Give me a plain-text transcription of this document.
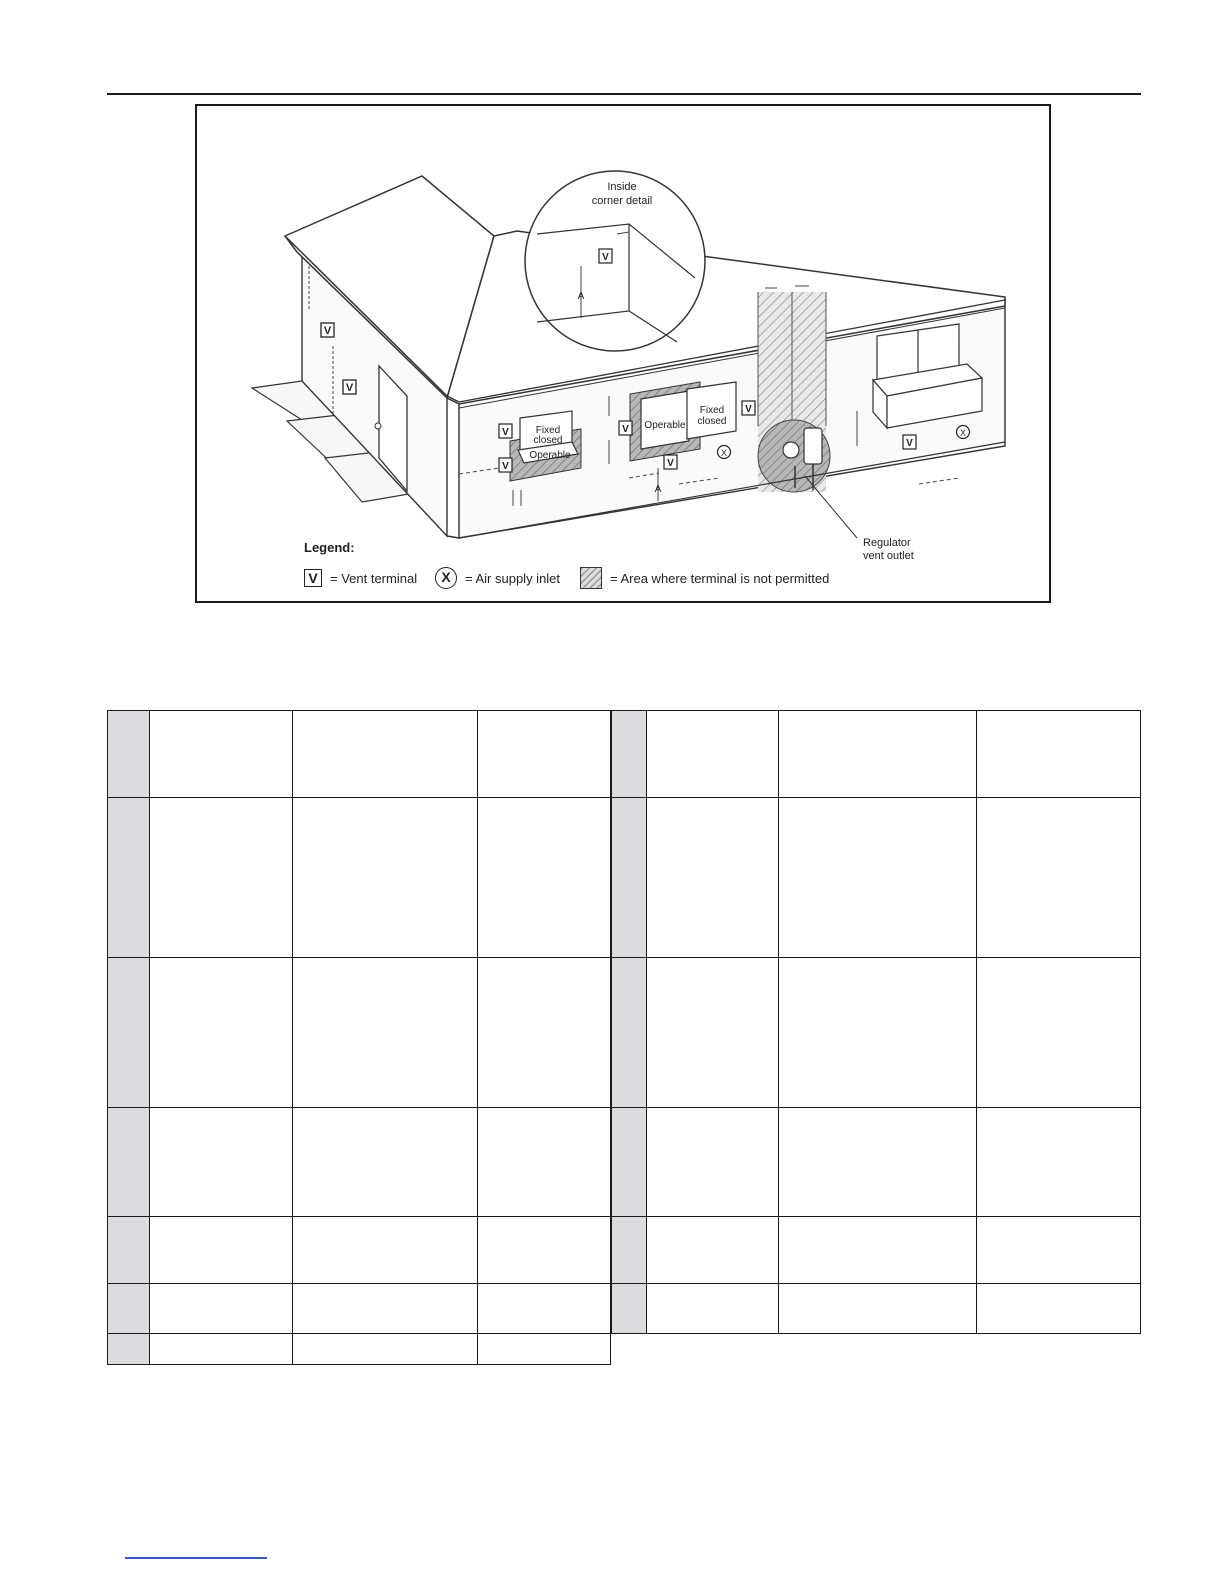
V
V
V
A
Inside
corner detail
Fixed
closed
Operable
V
V
Operable
Fixed
closed
V
V
V
X
A
Regulator
vent outlet
V
X
Legend:
V = Vent terminal	X	= Air supply inlet	= Area where terminal is not permitted
